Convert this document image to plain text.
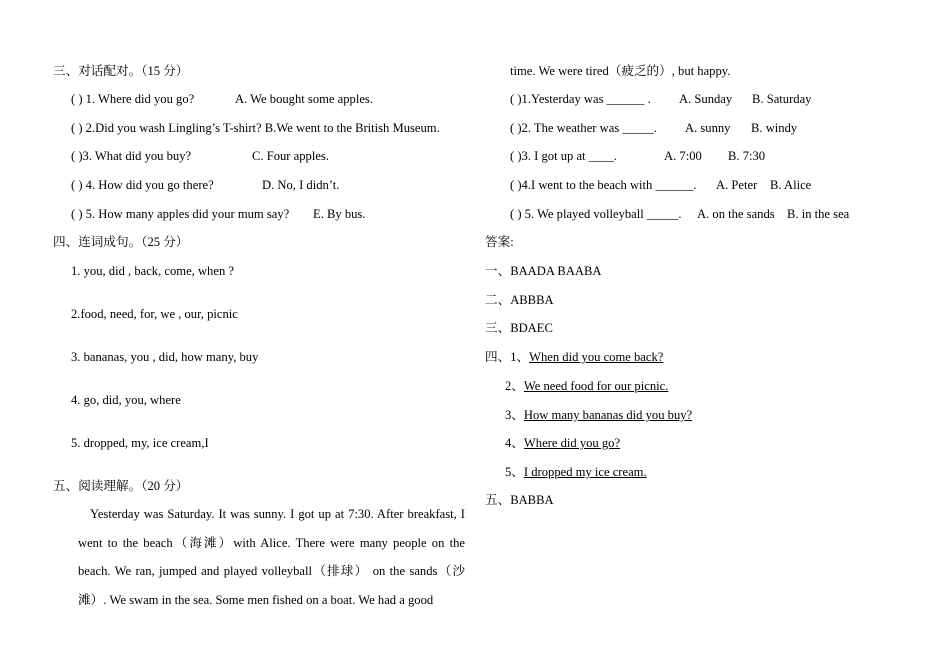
三、对话配对。（15 分）
( ) 1. Where did you go?	A. We bought some apples.
( ) 2.Did you wash Lingling’s T-shirt? B.We went to the British Museum.
( )3. What did you buy?	C. Four apples.
( ) 4. How did you go there?	D. No, I didn’t.
( ) 5. How many apples did your mum say? E. By bus.
四、连词成句。（25 分）
1. you, did , back, come, when ?
2.food, need, for, we , our, picnic
3. bananas, you , did, how many, buy
4. go, did, you, where
5. dropped, my, ice cream,I
五、阅读理解。（20 分）
Yesterday was Saturday. It was sunny. I got up at 7:30. After breakfast, I went to the beach（海滩）with Alice. There were many people on the beach. We ran, jumped and played volleyball（排球） on the sands（沙滩）. We swam in the sea. Some men fished on a boat. We had a good
time. We were tired（疲乏的）, but happy.
( )1.Yesterday was ______ . A. Sunday B. Saturday
( )2. The weather was _____. A. sunny B. windy
( )3. I got up at ____.	A. 7:00 B. 7:30
( )4.I went to the beach with ______. A. Peter B. Alice
( ) 5. We played volleyball _____. A. on the sands B. in the sea
答案:
一、BAADA BAABA
二、ABBBA
三、BDAEC
四、1、When did you come back?
2、We need food for our picnic.
3、How many bananas did you buy?
4、Where did you go?
5、I dropped my ice cream.
五、BABBA
